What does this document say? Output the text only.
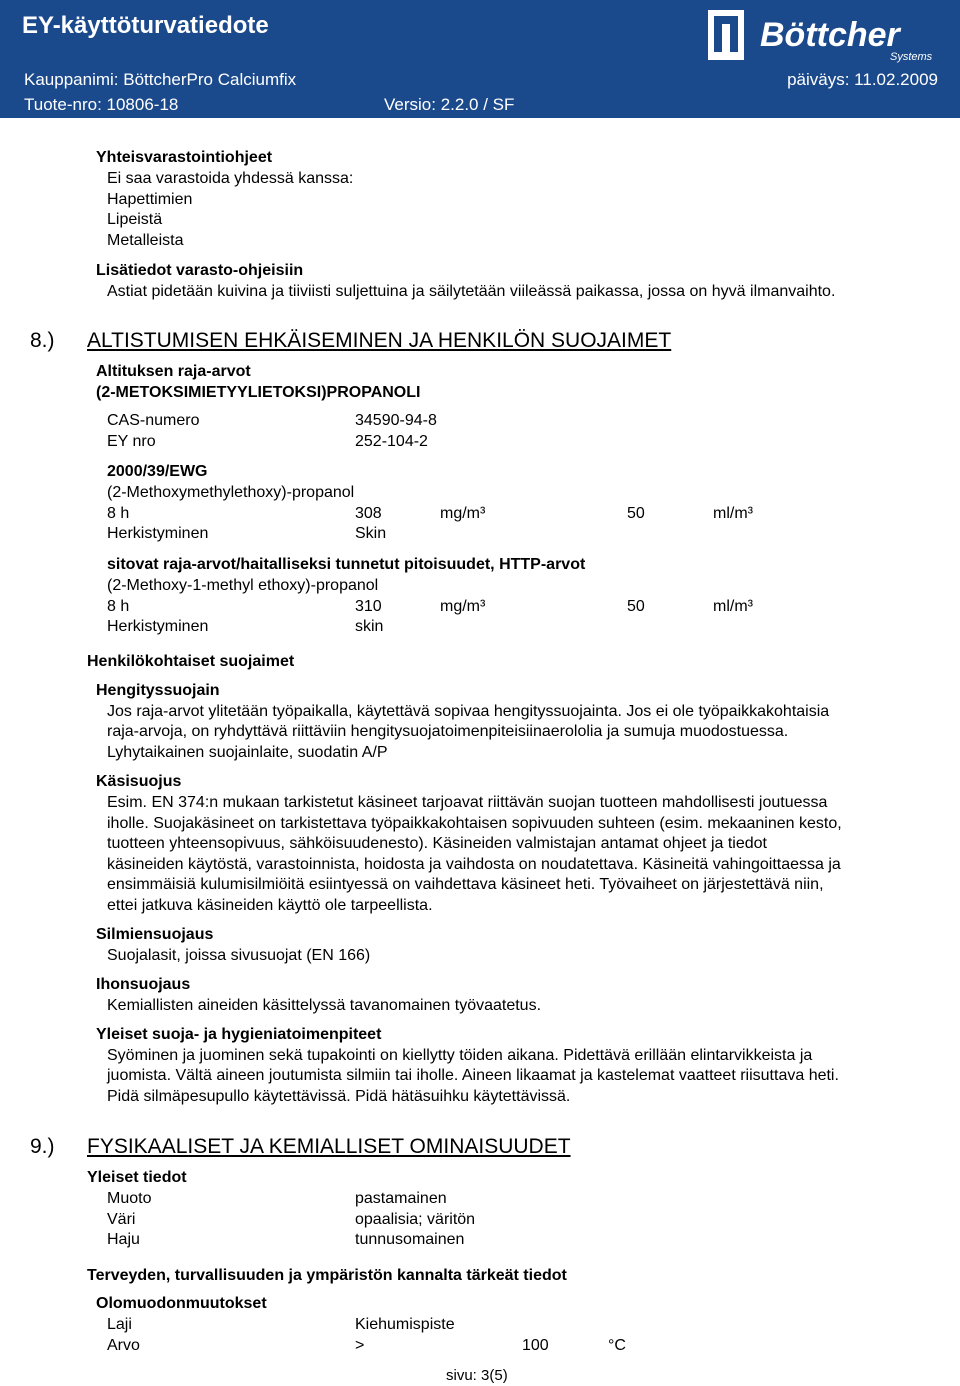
EY-käyttöturvatiedote	Böttcher
Systems
Kauppanimi: BöttcherPro Calciumfix
Tuote-nro: 10806-18	Versio: 2.2.0 / SF
päiväys: 11.02.2009
Yhteisvarastointiohjeet
Ei saa varastoida yhdessä kanssa:
Hapettimien
Lipeistä
Metalleista
Lisätiedot varasto-ohjeisiin
Astiat pidetään kuivina ja tiiviisti suljettuina ja säilytetään viileässä paikassa, jossa on hyvä ilmanvaihto.
8.) ALTISTUMISEN EHKÄISEMINEN JA HENKILÖN SUOJAIMET
Altituksen raja-arvot
(2-METOKSIMIETYYLIETOKSI)PROPANOLI
CAS-numero	34590-94-8
EY nro	252-104-2
2000/39/EWG
(2-Methoxymethylethoxy)-propanol
8 h	308	mg/m³	50	ml/m³
Herkistyminen	Skin
sitovat raja-arvot/haitalliseksi tunnetut pitoisuudet, HTTP-arvot
(2-Methoxy-1-methyl ethoxy)-propanol
8 h	310	mg/m³	50	ml/m³
Herkistyminen	skin
Henkilökohtaiset suojaimet
Hengityssuojain
Jos raja-arvot ylitetään työpaikalla, käytettävä sopivaa hengityssuojainta. Jos ei ole työpaikkakohtaisia
raja-arvoja, on ryhdyttävä riittäviin hengitysuojatoimenpiteisiinaerololia ja sumuja muodostuessa.
Lyhytaikainen suojainlaite, suodatin A/P
Käsisuojus
Esim. EN 374:n mukaan tarkistetut käsineet tarjoavat riittävän suojan tuotteen mahdollisesti joutuessa
iholle. Suojakäsineet on tarkistettava työpaikkakohtaisen sopivuuden suhteen (esim. mekaaninen kesto,
tuotteen yhteensopivuus, sähköisuudenesto). Käsineiden valmistajan antamat ohjeet ja tiedot
käsineiden käytöstä, varastoinnista, hoidosta ja vaihdosta on noudatettava. Käsineitä vahingoittaessa ja
ensimmäisiä kulumisilmiöitä esiintyessä on vaihdettava käsineet heti. Työvaiheet on järjestettävä niin,
ettei jatkuva käsineiden käyttö ole tarpeellista.
Silmiensuojaus
Suojalasit, joissa sivusuojat (EN 166)
Ihonsuojaus
Kemiallisten aineiden käsittelyssä tavanomainen työvaatetus.
Yleiset suoja- ja hygieniatoimenpiteet
Syöminen ja juominen sekä tupakointi on kiellytty töiden aikana. Pidettävä erillään elintarvikkeista ja
juomista. Vältä aineen joutumista silmiin tai iholle. Aineen likaamat ja kastelemat vaatteet riisuttava heti.
Pidä silmäpesupullo käytettävissä. Pidä hätäsuihku käytettävissä.
9.) FYSIKAALISET JA KEMIALLISET OMINAISUUDET
Yleiset tiedot
Muoto	pastamainen
Väri	opaalisia; väritön
Haju	tunnusomainen
Terveyden, turvallisuuden ja ympäristön kannalta tärkeät tiedot
Olomuodonmuutokset
Laji	Kiehumispiste
Arvo	>	100	°C
sivu: 3(5)
